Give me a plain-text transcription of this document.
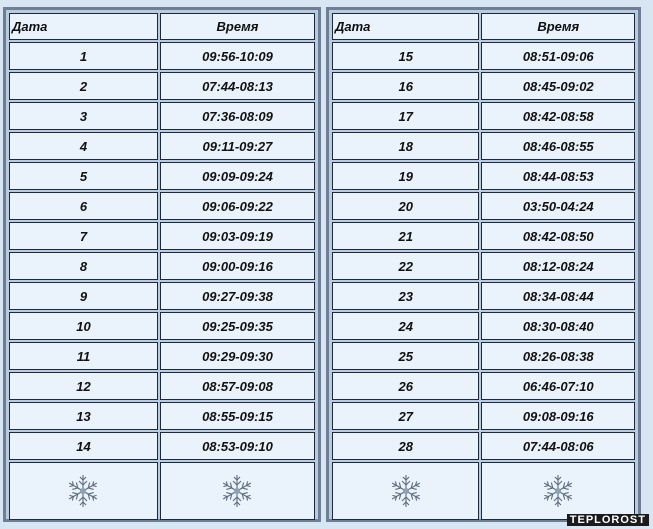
Дата	Время
1	09:56-10:09
2	07:44-08:13
3	07:36-08:09
4	09:11-09:27
5	09:09-09:24
6	09:06-09:22
7	09:03-09:19
8	09:00-09:16
9	09:27-09:38
10	09:25-09:35
11	09:29-09:30
12	08:57-09:08
13	08:55-09:15
14	08:53-09:10

Дата	Время
15	08:51-09:06
16	08:45-09:02
17	08:42-08:58
18	08:46-08:55
19	08:44-08:53
20	03:50-04:24
21	08:42-08:50
22	08:12-08:24
23	08:34-08:44
24	08:30-08:40
25	08:26-08:38
26	06:46-07:10
27	09:08-09:16
28	07:44-08:06

TEPLOROST
